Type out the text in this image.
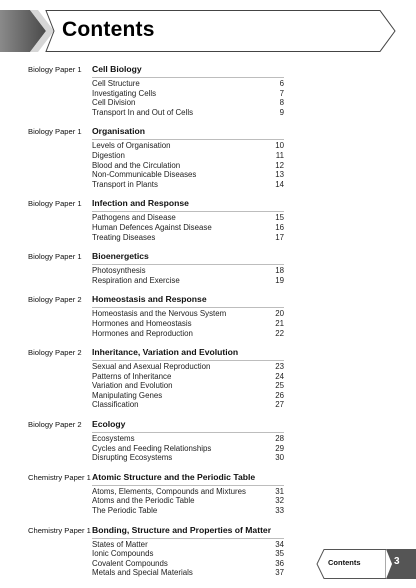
Contents
Biology Paper 1 Cell Biology
Cell Structure	6
Investigating Cells	7
Cell Division	8
Transport In and Out of Cells	9
Biology Paper 1 Organisation
Levels of Organisation	10
Digestion	11
Blood and the Circulation	12
Non-Communicable Diseases	13
Transport in Plants	14
Biology Paper 1 Infection and Response
Pathogens and Disease	15
Human Defences Against Disease	16
Treating Diseases	17
Biology Paper 1 Bioenergetics
Photosynthesis	18
Respiration and Exercise	19
Biology Paper 2 Homeostasis and Response
Homeostasis and the Nervous System	20
Hormones and Homeostasis	21
Hormones and Reproduction	22
Biology Paper 2 Inheritance, Variation and Evolution
Sexual and Asexual Reproduction	23
Patterns of Inheritance	24
Variation and Evolution	25
Manipulating Genes	26
Classification	27
Biology Paper 2 Ecology
Ecosystems	28
Cycles and Feeding Relationships	29
Disrupting Ecosystems	30
Chemistry Paper 1 Atomic Structure and the Periodic Table
Atoms, Elements, Compounds and Mixtures	31
Atoms and the Periodic Table	32
The Periodic Table	33
Chemistry Paper 1 Bonding, Structure and Properties of Matter
States of Matter	34
Ionic Compounds	35
Covalent Compounds	36
Metals and Special Materials	37
Contents	3
